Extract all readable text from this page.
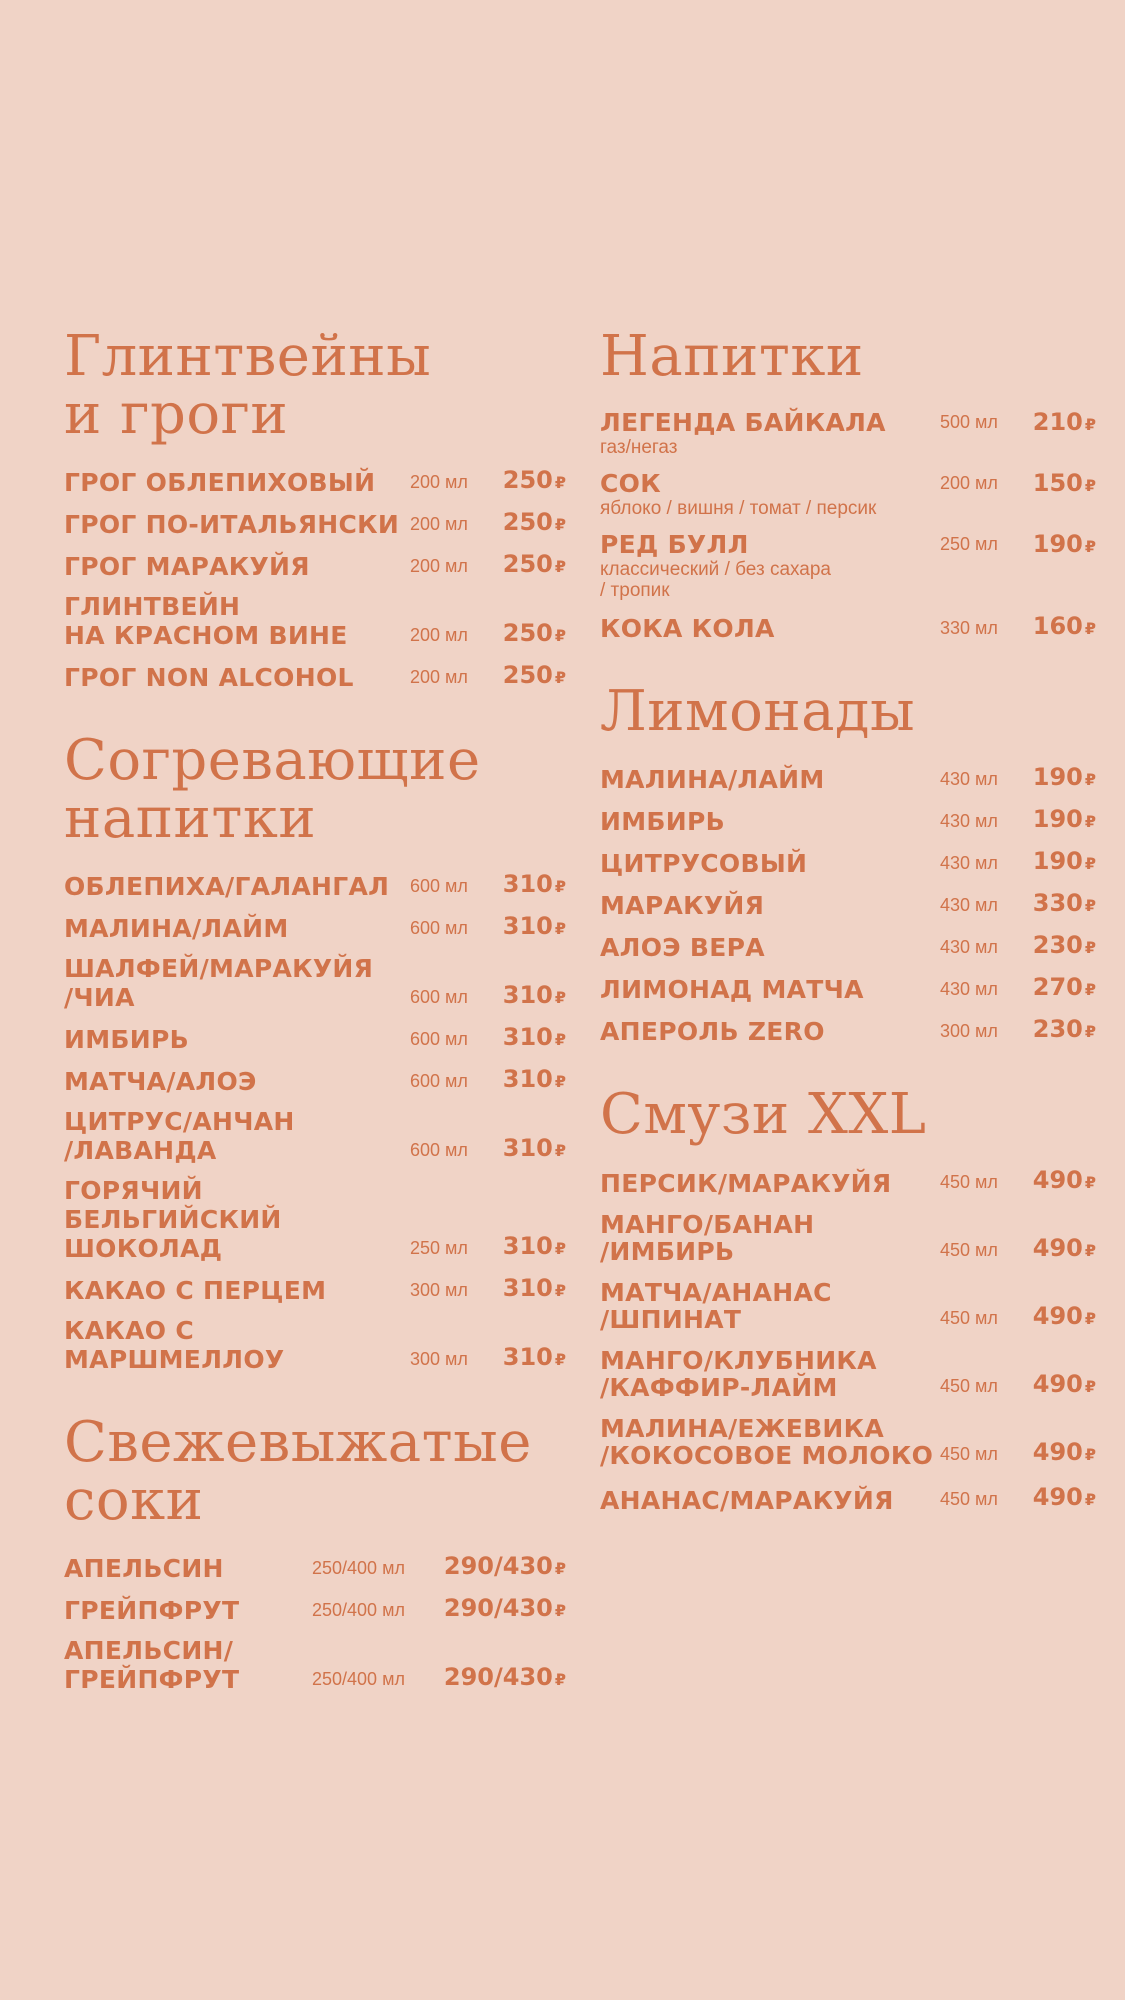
Глинтвейны
и гроги
ГРОГ ОБЛЕПИХОВЫЙ	200 мл	250 ₽
ГРОГ ПО-ИТАЛЬЯНСКИ 200 мл	250 ₽
ГРОГ МАРАКУЙЯ	200 мл	250 ₽
ГЛИНТВЕЙН
НА КРАСНОМ ВИНЕ	200 мл	250 ₽
ГРОГ NON ALCOHOL	200 мл	250 ₽
Согревающие
напитки
ОБЛЕПИХА/ГАЛАНГАЛ	600 мл	310 ₽
МАЛИНА/ЛАЙМ	600 мл	310 ₽
ШАЛФЕЙ/МАРАКУЙЯ
/ЧИА	600 мл	310 ₽
ИМБИРЬ	600 мл	310 ₽
МАТЧА/АЛОЭ	600 мл	310 ₽
ЦИТРУС/АНЧАН
/ЛАВАНДА	600 мл	310 ₽
ГОРЯЧИЙ БЕЛЬГИЙСКИЙ
ШОКОЛАД	250 мл	310 ₽
КАКАО С ПЕРЦЕМ	300 мл	310 ₽
КАКАО С
МАРШМЕЛЛОУ	300 мл	310 ₽
Свежевыжатые
соки
АПЕЛЬСИН	250/400 мл	290/430 ₽
ГРЕЙПФРУТ	250/400 мл	290/430 ₽
АПЕЛЬСИН/
ГРЕЙПФРУТ	250/400 мл	290/430 ₽
Напитки
ЛЕГЕНДА БАЙКАЛА
газ/негаз
500 мл	210 ₽
СОК
яблоко / вишня / томат / персик
200 мл	150 ₽
РЕД БУЛЛ
классический / без сахара
/ тропик
250 мл	190 ₽
КОКА КОЛА	330 мл	160 ₽
Лимонады
МАЛИНА/ЛАЙМ	430 мл	190 ₽
ИМБИРЬ	430 мл	190 ₽
ЦИТРУСОВЫЙ	430 мл	190 ₽
МАРАКУЙЯ	430 мл	330 ₽
АЛОЭ ВЕРА	430 мл	230 ₽
ЛИМОНАД МАТЧА	430 мл	270 ₽
АПЕРОЛЬ ZERO	300 мл	230 ₽
Смузи XXL
ПЕРСИК/МАРАКУЙЯ	450 мл	490 ₽
МАНГО/БАНАН
/ИМБИРЬ	450 мл	490 ₽
МАТЧА/АНАНАС
/ШПИНАТ	450 мл	490 ₽
МАНГО/КЛУБНИКА
/КАФФИР-ЛАЙМ	450 мл	490 ₽
МАЛИНА/ЕЖЕВИКА
/КОКОСОВОЕ МОЛОКО 450 мл	490 ₽
АНАНАС/МАРАКУЙЯ	450 мл	490 ₽
